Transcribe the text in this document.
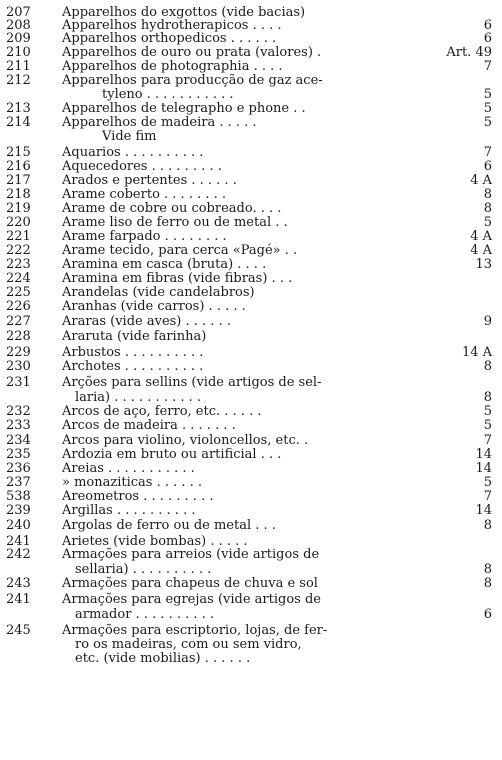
207	Apparelhos do exgottos (vide bacias)
208	Apparelhos hydrotherapicos . . . .	6
209	Apparelhos orthopedicos . . . . . .	6
210	Apparelhos de ouro ou prata (valores) .	Art. 49
211	Apparelhos de photographia . . . .	7
212	Apparelhos para producção de gaz ace-
tyleno . . . . . . . . . . .	5
213	Apparelhos de telegrapho e phone . .	5
214	Apparelhos de madeira . . . . .	5
Vide fim
215	Aquarios . . . . . . . . . .	7
216	Aquecedores . . . . . . . . .	6
217	Arados e pertentes . . . . . .	4 A
218	Arame coberto . . . . . . . .	8
219	Arame de cobre ou cobreado. . . .	8
220	Arame liso de ferro ou de metal . .	5
221	Arame farpado . . . . . . . .	4 A
222	Arame tecido, para cerca «Pagé» . .	4 A
223	Aramina em casca (bruta) . . . .	13
224	Aramina em fibras (vide fibras) . . .
225	Arandelas (vide candelabros)
226	Aranhas (vide carros) . . . . .
227	Araras (vide aves) . . . . . .	9
228	Araruta (vide farinha)
229	Arbustos . . . . . . . . . .	14 A
230	Archotes . . . . . . . . . .	8
231	Arções para sellins (vide artigos de sel-
laria) . . . . . . . . . . .	8
232	Arcos de aço, ferro, etc. . . . . .	5
233	Arcos de madeira . . . . . . .	5
234	Arcos para violino, violoncellos, etc. .	7
235	Ardozia em bruto ou artificial . . .	14
236	Areias . . . . . . . . . . .	14
237	» monaziticas . . . . . .	5
538	Areometros . . . . . . . . .	7
239	Argillas . . . . . . . . . .	14
240	Argolas de ferro ou de metal . . .	8
241	Arietes (vide bombas) . . . . .
242	Armações para arreios (vide artigos de
sellaria) . . . . . . . . . .	8
243	Armações para chapeus de chuva e sol	8
241	Armações para egrejas (vide artigos de
armador . . . . . . . . . .	6
245	Armações para escriptorio, lojas, de fer-
ro os madeiras, com ou sem vidro,
etc. (vide mobilias) . . . . . .
